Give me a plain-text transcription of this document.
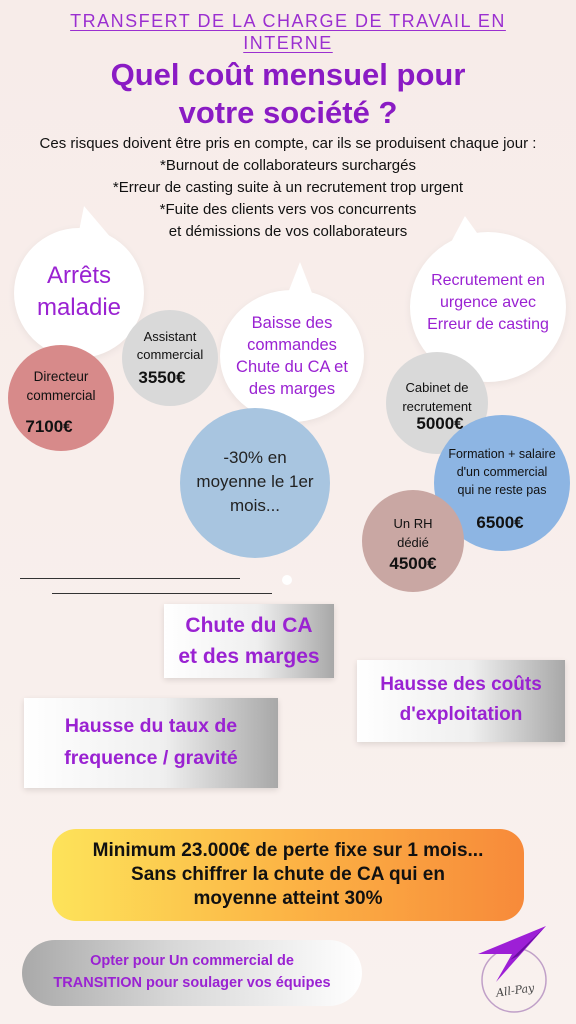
TRANSFERT DE LA CHARGE DE TRAVAIL EN INTERNE
Quel coût mensuel pour
votre société ?
Ces risques doivent être pris en compte, car ils se produisent chaque jour :
*Burnout de collaborateurs surchargés
*Erreur de casting suite à un recrutement trop urgent
*Fuite des clients vers vos concurrents
et démissions de vos collaborateurs
Arrêts
maladie
Baisse des
commandes
Chute du CA et
des marges
Recrutement en
urgence avec
Erreur de casting
Directeur
commercial
7100€
Assistant
commercial
3550€
-30% en
moyenne le 1er
mois...
Cabinet de
recrutement
5000€
Formation + salaire
d'un commercial
qui ne reste pas
6500€
Un RH
dédié
4500€
Chute du CA
et des marges
Hausse des coûts
d'exploitation
Hausse du taux de
frequence / gravité
Minimum 23.000€ de perte fixe sur 1 mois...
Sans chiffrer la chute de CA qui en
moyenne atteint 30%
Opter pour Un commercial de
TRANSITION pour soulager vos équipes	All-Pay
